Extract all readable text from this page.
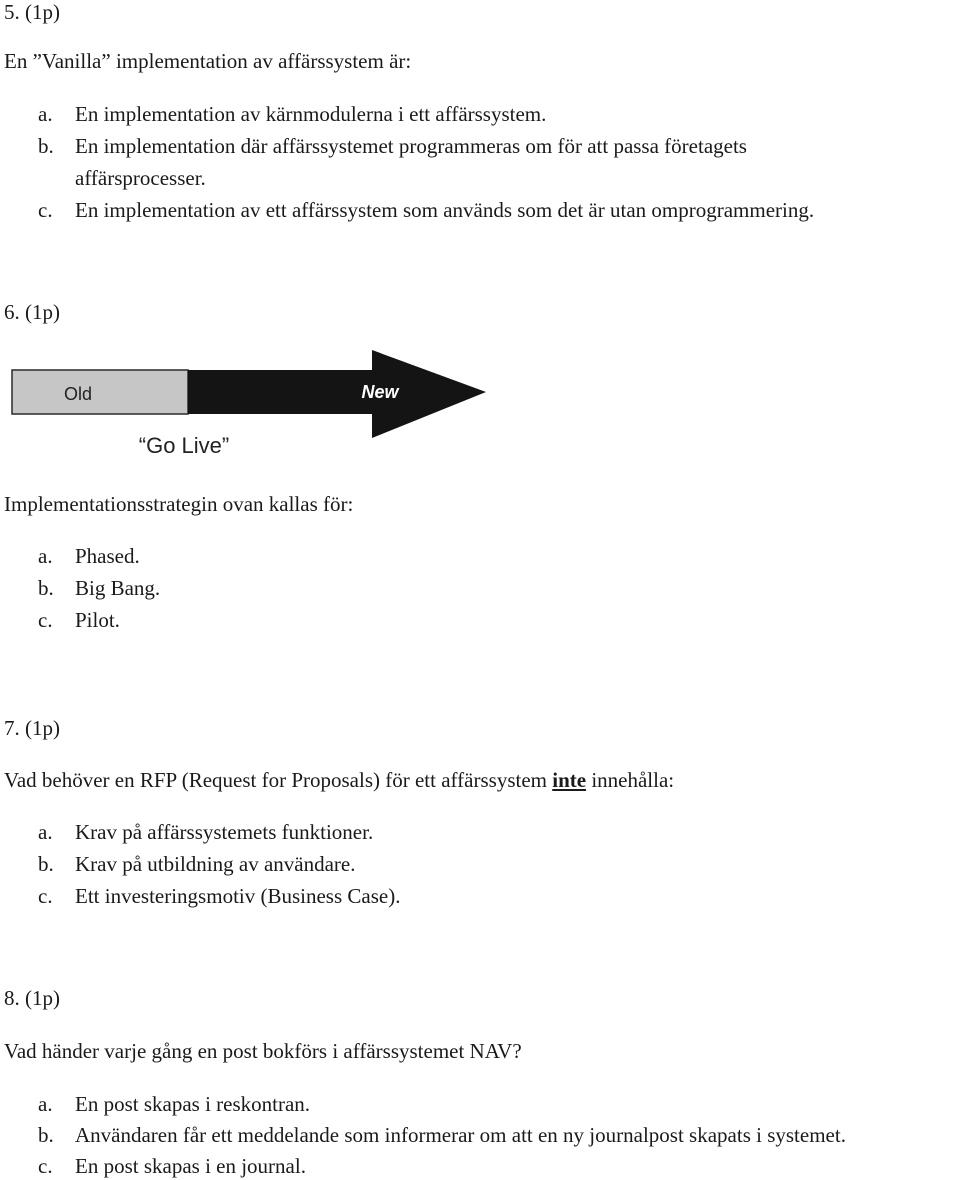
5. (1p)
En ”Vanilla” implementation av affärssystem är:
a. En implementation av kärnmodulerna i ett affärssystem.
b. En implementation där affärssystemet programmeras om för att passa företagets
affärsprocesser.
c. En implementation av ett affärssystem som används som det är utan omprogrammering.
6. (1p)
Old	New
“Go Live”
Implementationsstrategin ovan kallas för:
a. Phased.
b. Big Bang.
c. Pilot.
7. (1p)
Vad behöver en RFP (Request for Proposals) för ett affärssystem inte innehålla:
a. Krav på affärssystemets funktioner.
b. Krav på utbildning av användare.
c. Ett investeringsmotiv (Business Case).
8. (1p)
Vad händer varje gång en post bokförs i affärssystemet NAV?
a. En post skapas i reskontran.
b. Användaren får ett meddelande som informerar om att en ny journalpost skapats i systemet.
c. En post skapas i en journal.
